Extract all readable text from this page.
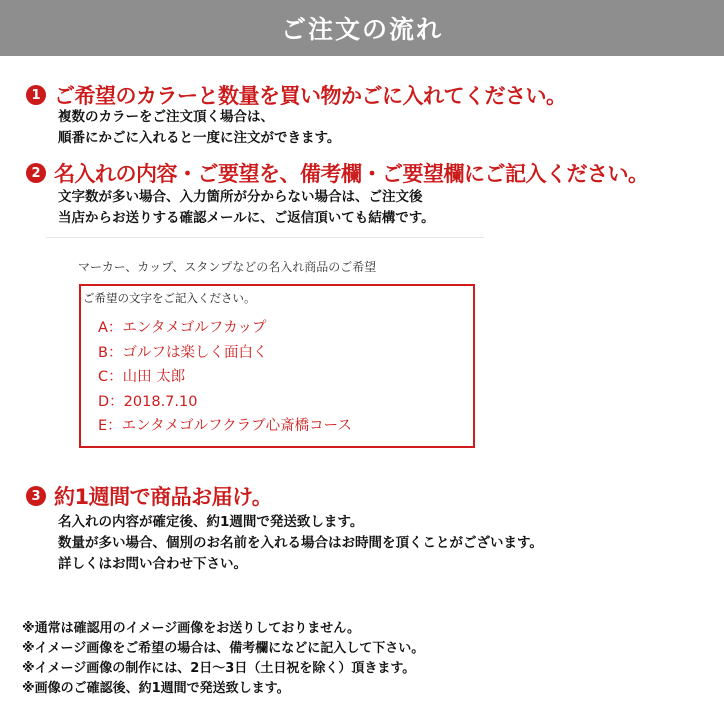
ご注文の流れ
1 ご希望のカラーと数量を買い物かごに入れてください。
複数のカラーをご注文頂く場合は、
順番にかごに入れると一度に注文ができます。
2 名入れの内容・ご要望を、備考欄・ご要望欄にご記入ください。
文字数が多い場合、入力箇所が分からない場合は、ご注文後
当店からお送りする確認メールに、ご返信頂いても結構です。
マーカー、カップ、スタンプなどの名入れ商品のご希望
ご希望の文字をご記入ください。
A：エンタメゴルフカップ
B：ゴルフは楽しく面白く
C：山田 太郎
D：2018.7.10
E：エンタメゴルフクラブ心斎橋コース
3 約1週間で商品お届け。
名入れの内容が確定後、約1週間で発送致します。
数量が多い場合、個別のお名前を入れる場合はお時間を頂くことがございます。
詳しくはお問い合わせ下さい。
※通常は確認用のイメージ画像をお送りしておりません。
※イメージ画像をご希望の場合は、備考欄になどに記入して下さい。
※イメージ画像の制作には、2日〜3日（土日祝を除く）頂きます。
※画像のご確認後、約1週間で発送致します。
